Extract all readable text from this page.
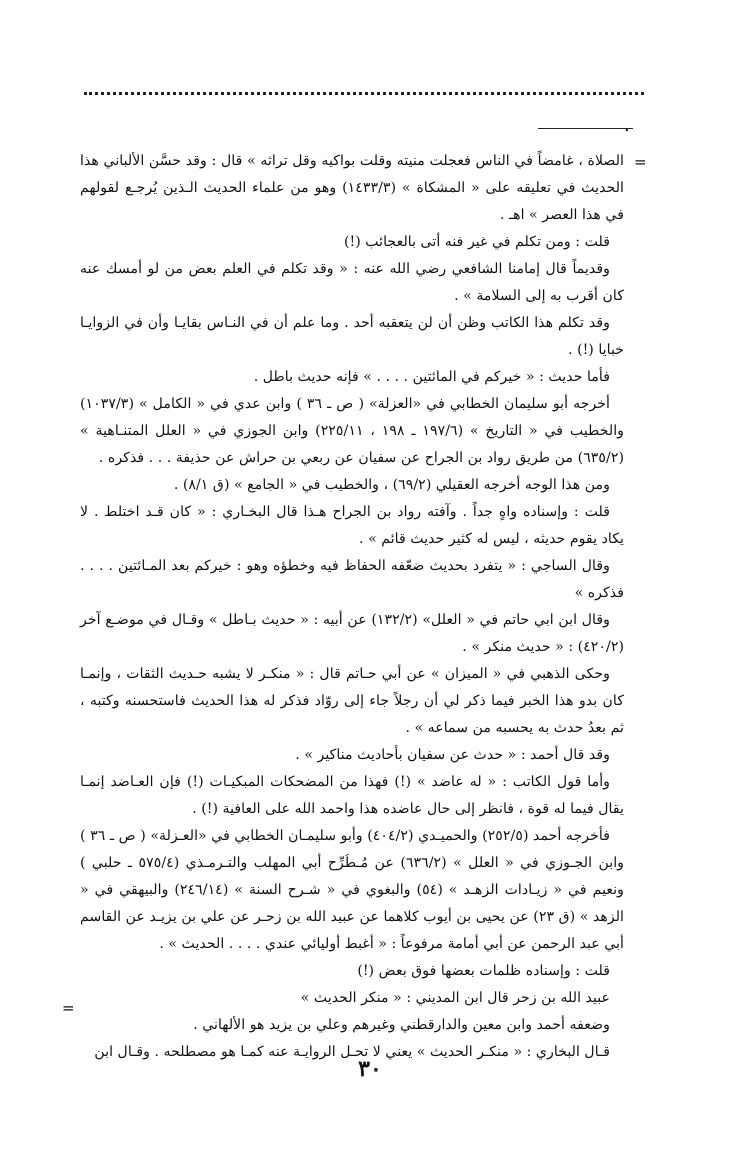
.
=

الصلاة ، غامضاً في الناس فعجلت منيته وقلت بواكيه وقل تراثه » قال : وقد حسَّن الألباني هذا الحديث في تعليقه على « المشكاة » (١٤٣٣/٣) وهو من علماء الحديث الـذين يُرجـع لقولهم في هذا العصر » اهـ .

قلت : ومن تكلم في غير فنه أتى بالعجائب (!)

وقديماً قال إمامنا الشافعي رضي الله عنه : « وقد تكلم في العلم بعض من لو أمسك عنه كان أقرب به إلى السلامة » .

وقد تكلم هذا الكاتب وظن أن لن يتعقبه أحد . وما علم أن في النـاس بقايـا وأن في الزوايـا خبايا (!) .

فأما حديث : « خيركم في المائتين . . . . » فإنه حديث باطل .

أخرجه أبو سليمان الخطابي في «العزلة» ( ص ـ ٣٦ ) وابن عدي في « الكامل » (١٠٣٧/٣) والخطيب في « التاريخ » (١٩٧/٦ ـ ١٩٨ ، ٢٢٥/١١) وابن الجوزي في « العلل المتنـاهية » (٦٣٥/٢) من طريق رواد بن الجراح عن سفيان عن ربعي بن حراش عن حذيفة . . . فذكره .

ومن هذا الوجه أخرجه العقيلي (٦٩/٢) ، والخطيب في « الجامع » (ق ٨/١) .

قلت : وإسناده واهٍ جداً . وآفته رواد بن الجراح هـذا قال البخـاري : « كان قـد اختلط . لا يكاد يقوم حديثه ، ليس له كثير حديث قائم » .

وقال الساجي : « يتفرد بحديث ضعّفه الحفاظ فيه وخطؤه وهو : خيركم بعد المـائتين . . . . فذكره »

وقال ابن ابي حاتم في « العلل» (١٣٢/٢) عن أبيه : « حديث بـاطل » وقـال في موضـع آخر (٤٢٠/٢) : « حديث منكر » .

وحكى الذهبي في « الميزان » عن أبي حـاتم قال : « منكـر لا يشبه حـديث الثقات ، وإنمـا كان بدو هذا الخبر فيما ذكر لي أن رجلاً جاء إلى روّاد فذكر له هذا الحديث فاستحسنه وكتبه ، ثم بعدُ حدث به يحسبه من سماعه » .

وقد قال أحمد : « حدث عن سفيان بأحاديث مناكير » .

وأما قول الكاتب : « له عاضد » (!) فهذا من المضحكات المبكيـات (!) فإن العـاضد إنمـا يقال فيما له قوة ، فانظر إلى حال عاضده هذا واحمد الله على العافية (!) .

فأخرجه أحمد (٢٥٢/٥) والحميـدي (٤٠٤/٢) وأبو سليمـان الخطابي في «العـزلة» ( ص ـ ٣٦ ) وابن الجـوزي في « العلل » (٦٣٦/٢) عن مُـطَرِّح أبي المهلب والتـرمـذي (٥٧٥/٤ ـ حلبي ) ونعيم في « زيـادات الزهـد » (٥٤) والبغوي في « شـرح السنة » (٢٤٦/١٤) والبيهقي في « الزهد » (ق ٢٣) عن يحيى بن أيوب كلاهما عن عبيد الله بن زحـر عن علي بن يزيـد عن القاسم أبي عبد الرحمن عن أبي أمامة مرفوعاً : « أغبط أوليائي عندي . . . . الحديث » .

قلت : وإسناده ظلمات بعضها فوق بعض (!)

عبيد الله بن زحر قال ابن المديني : « منكر الحديث »

وضعفه أحمد وابن معين والدارقطني وغيرهم وعلي بن يزيد هو الألهاني .

قـال البخاري : « منكـر الحديث » يعني لا تحـل الروايـة عنه كمـا هو مصطلحه . وقـال ابن

=
٣٠
